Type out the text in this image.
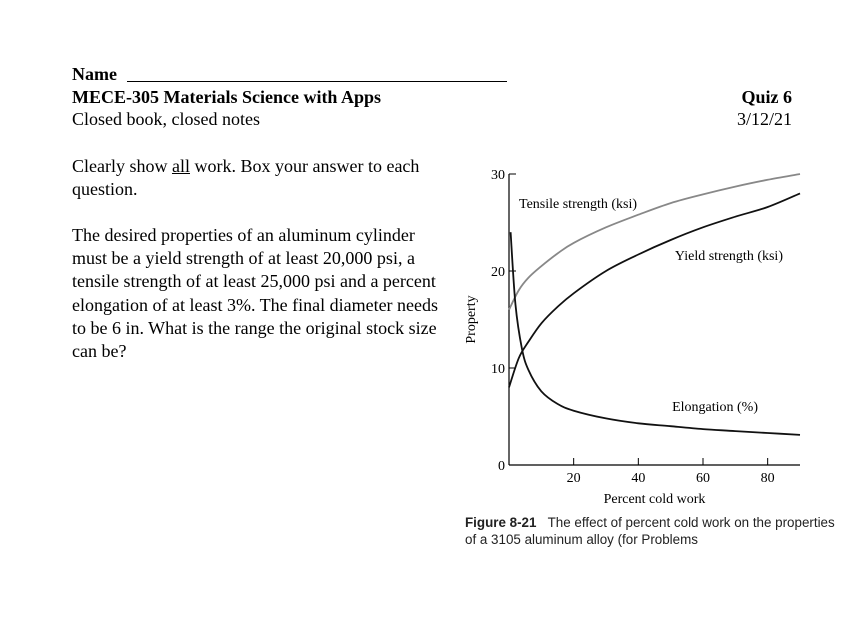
Name
MECE-305 Materials Science with Apps
Closed book, closed notes
Quiz 6
3/12/21
Clearly show all work. Box your answer to each question.
The desired properties of an aluminum cylinder must be a yield strength of at least 20,000 psi, a tensile strength of at least 25,000 psi and a percent elongation of at least 3%. The final diameter needs to be 6 in. What is the range the original stock size can be?
0
10
20
30
20	40	60	80
Percent cold work
Property
Tensile strength (ksi)
Yield strength (ksi)
Elongation (%)
Figure 8-21 The effect of percent cold work on the properties of a 3105 aluminum alloy (for Problems
